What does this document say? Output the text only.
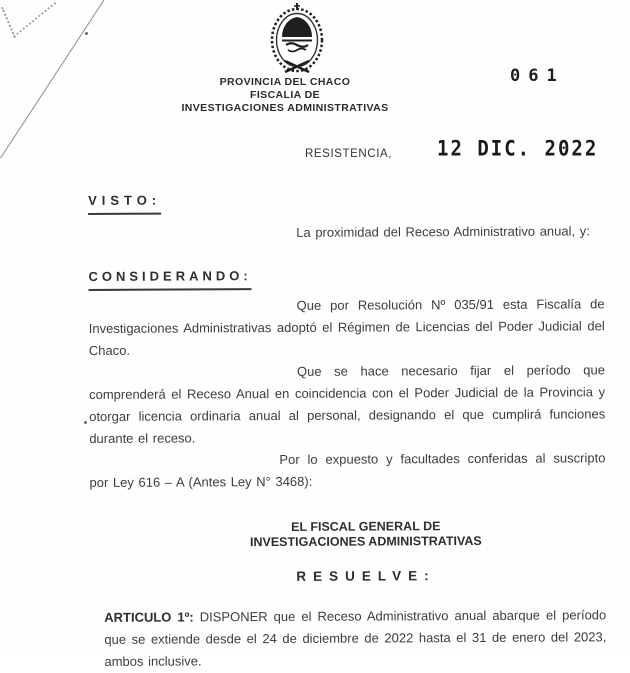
PROVINCIA DEL CHACO
FISCALIA DE
INVESTIGACIONES ADMINISTRATIVAS
061
RESISTENCIA, 12 DIC. 2022
VISTO:

La proximidad del Receso Administrativo anual, y:

CONSIDERANDO:

Que por Resolución Nº 035/91 esta Fiscalía de Investigaciones Administrativas adoptó el Régimen de Licencias del Poder Judicial del Chaco.

Que se hace necesario fijar el período que comprenderá el Receso Anual en coincidencia con el Poder Judicial de la Provincia y otorgar licencia ordinaria anual al personal, designando el que cumplirá funciones durante el receso.

Por lo expuesto y facultades conferidas al suscripto por Ley 616 – A (Antes Ley N° 3468):

EL FISCAL GENERAL DE
INVESTIGACIONES ADMINISTRATIVAS
RESUELVE:

ARTICULO 1º: DISPONER que el Receso Administrativo anual abarque el período que se extiende desde el 24 de diciembre de 2022 hasta el 31 de enero del 2023, ambos inclusive.
